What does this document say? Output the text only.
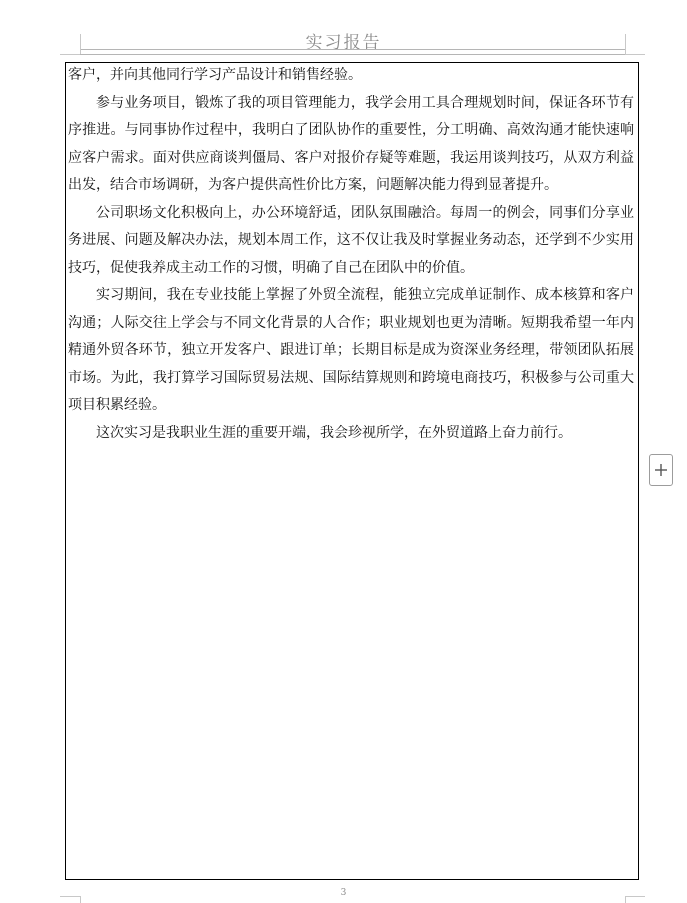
实习报告

客户，并向其他同行学习产品设计和销售经验。

参与业务项目，锻炼了我的项目管理能力，我学会用工具合理规划时间，保证各环节有序推进。与同事协作过程中，我明白了团队协作的重要性，分工明确、高效沟通才能快速响应客户需求。面对供应商谈判僵局、客户对报价存疑等难题，我运用谈判技巧，从双方利益出发，结合市场调研，为客户提供高性价比方案，问题解决能力得到显著提升。

公司职场文化积极向上，办公环境舒适，团队氛围融洽。每周一的例会，同事们分享业务进展、问题及解决办法，规划本周工作，这不仅让我及时掌握业务动态，还学到不少实用技巧，促使我养成主动工作的习惯，明确了自己在团队中的价值。

实习期间，我在专业技能上掌握了外贸全流程，能独立完成单证制作、成本核算和客户沟通；人际交往上学会与不同文化背景的人合作；职业规划也更为清晰。短期我希望一年内精通外贸各环节，独立开发客户、跟进订单；长期目标是成为资深业务经理，带领团队拓展市场。为此，我打算学习国际贸易法规、国际结算规则和跨境电商技巧，积极参与公司重大项目积累经验。

这次实习是我职业生涯的重要开端，我会珍视所学，在外贸道路上奋力前行。

3
